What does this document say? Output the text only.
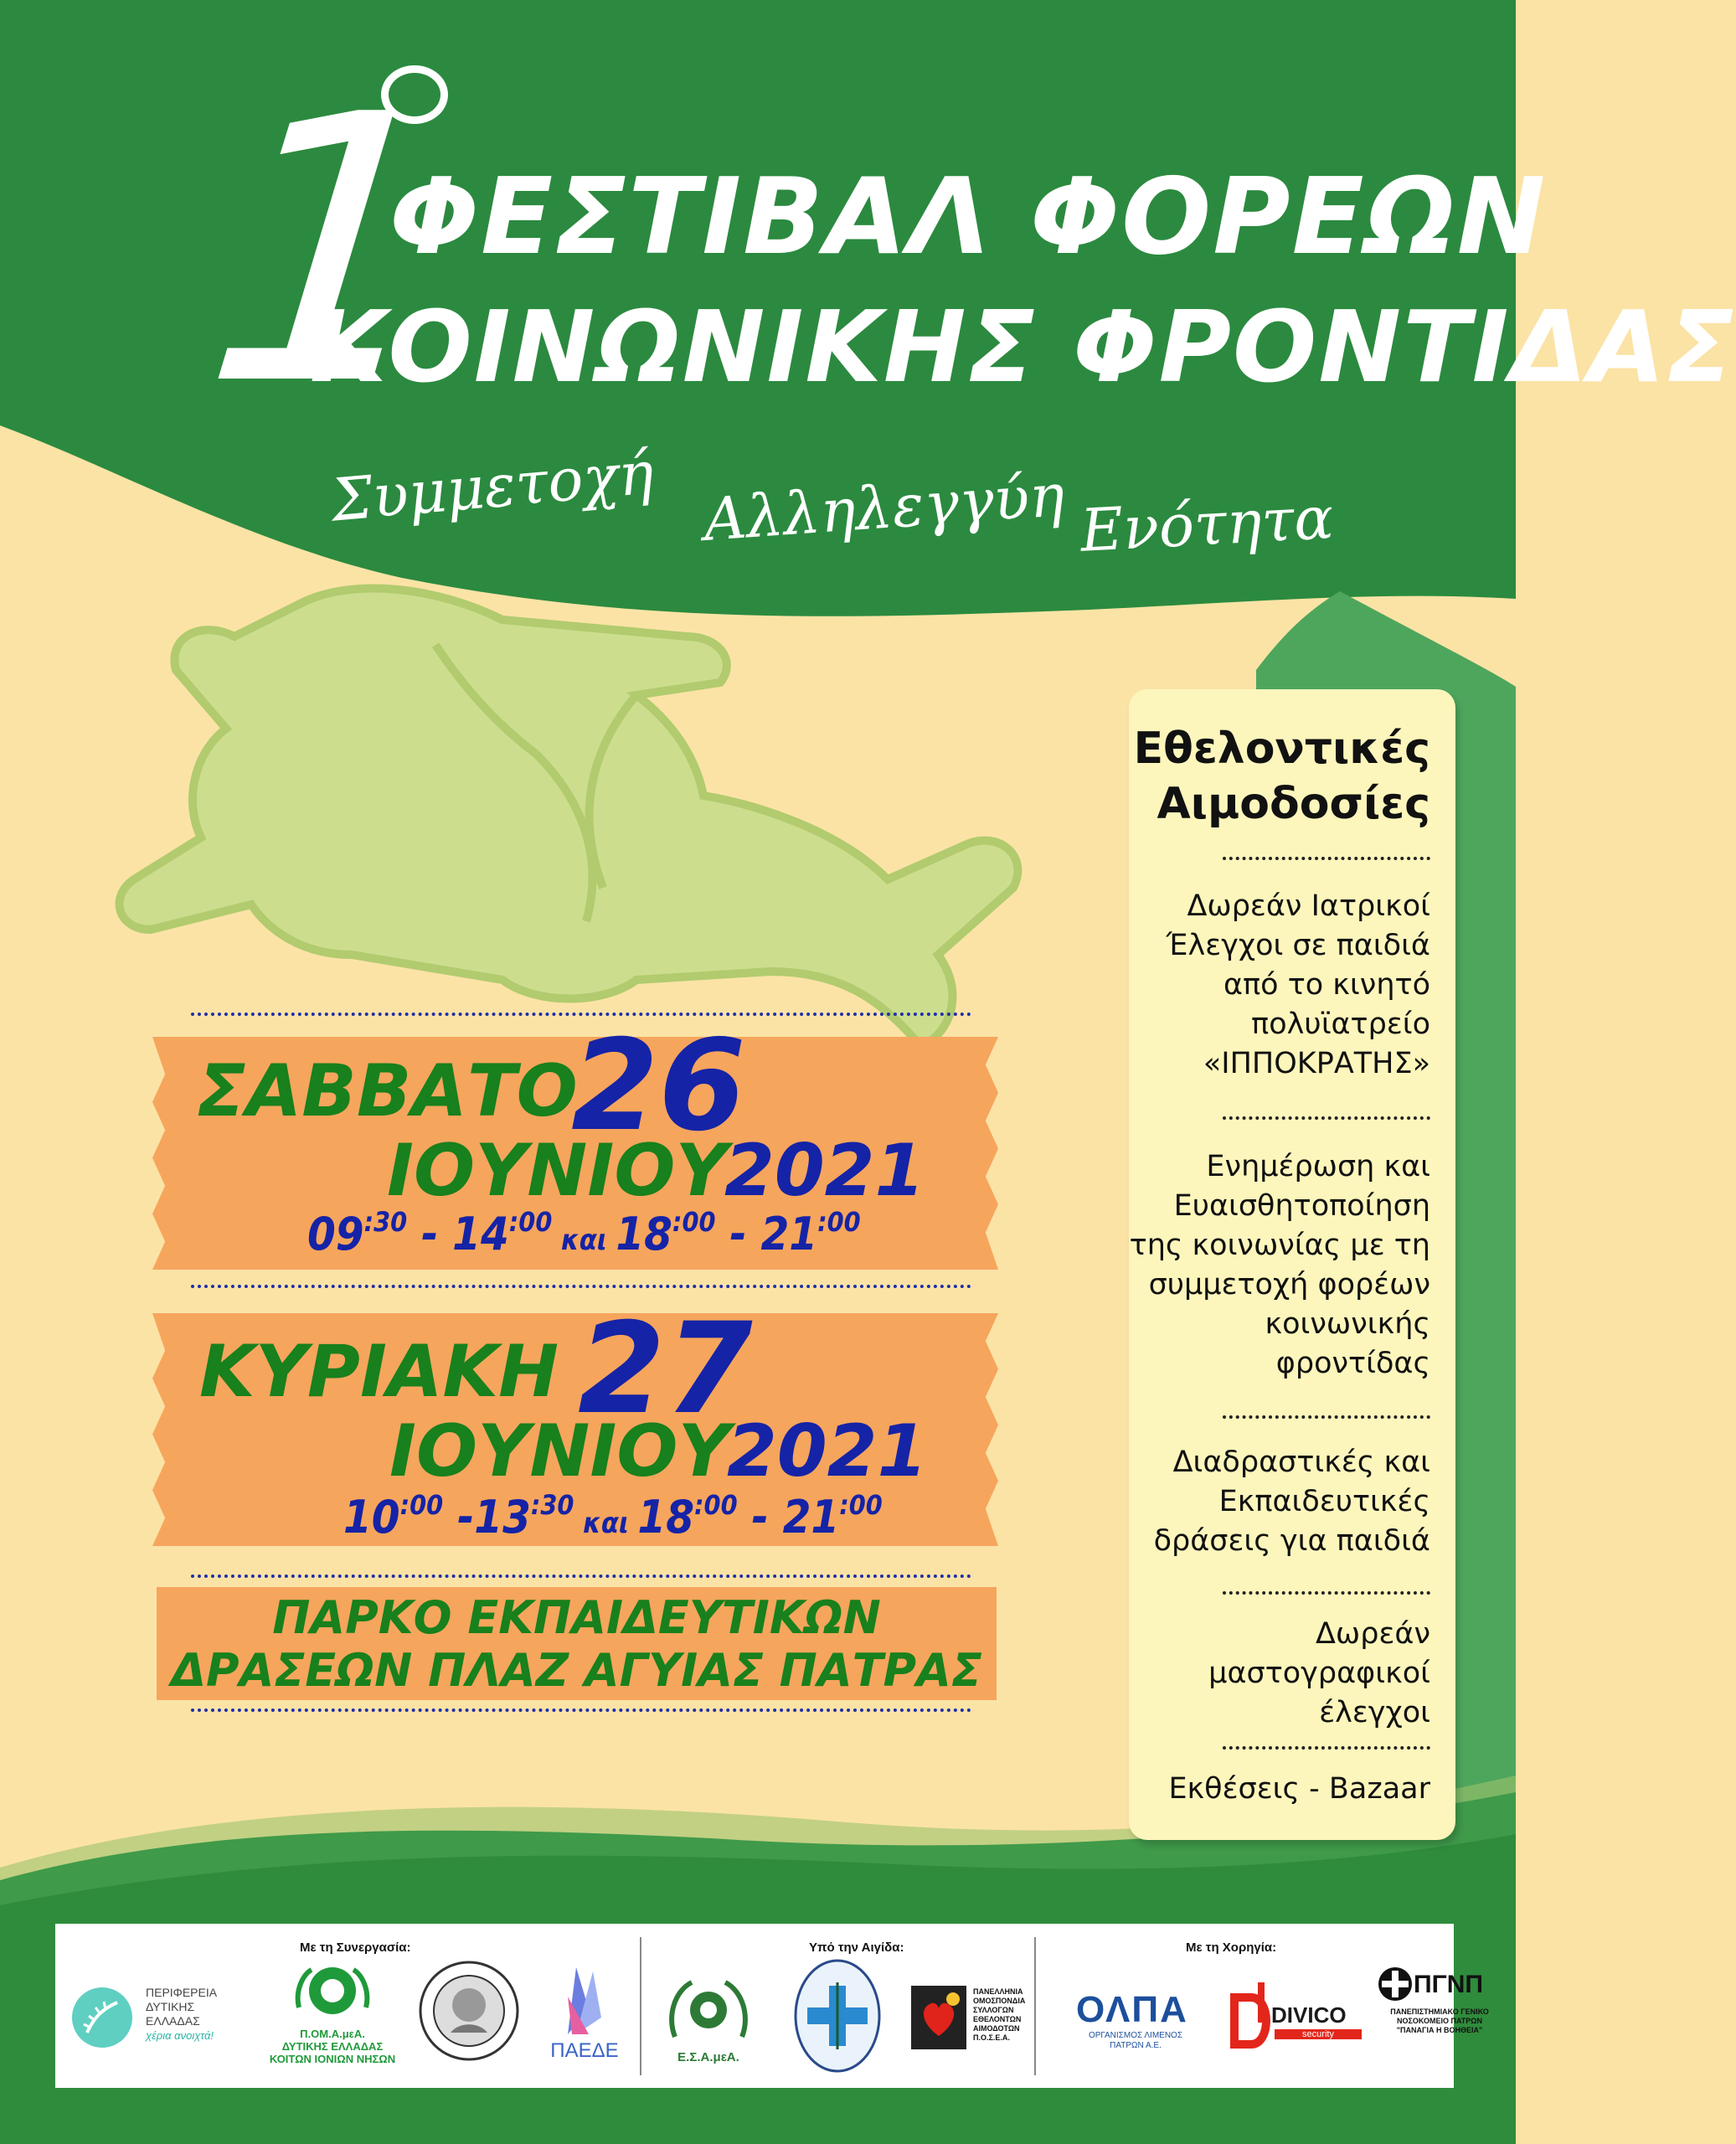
1
ΦΕΣΤΙΒΑΛ ΦΟΡΕΩΝ
ΚΟΙΝΩΝΙΚΗΣ ΦΡΟΝΤΙΔΑΣ
Συμμετοχή Αλληλεγγύη Ενότητα
ΣΑΒΒΑΤΟ
26
ΙΟΥΝΙΟΥ
2021
$09^{:30} - 14^{:00}$ και $18^{:00} - 21^{:00}$
ΚΥΡΙΑΚΗ 27
ΙΟΥΝΙΟΥ
2021
$10^{:00}$ $-13^{:30}$ και $18^{:00} - 21^{:00}$
ΠΑΡΚΟ ΕΚΠΑΙΔΕΥΤΙΚΩΝ
ΔΡΑΣΕΩΝ ΠΛΑΖ ΑΓΥΙΑΣ ΠΑΤΡΑΣ
Εθελοντικές
Αιμοδοσίες
Δωρεάν Ιατρικοί
Έλεγχοι σε παιδιά
από το κινητό
πολυϊατρείο
«ΙΠΠΟΚΡΑΤΗΣ»
Ενημέρωση και
Ευαισθητοποίηση
της κοινωνίας με τη
συμμετοχή φορέων
κοινωνικής
φροντίδας
Διαδραστικές και
Εκπαιδευτικές
δράσεις για παιδιά
Δωρεάν
μαστογραφικοί
έλεγχοι
Εκθέσεις - Bazaar
Με τη Συνεργασία:	Υπό την Αιγίδα:	Με τη Χορηγία:
ΠΕΡΙΦΕΡΕΙΑ
ΔΥΤΙΚΗΣ
ΕΛΛΑΔΑΣ
χέρια ανοιχτά!	Π.ΟΜ.Α.μεΑ.
ΔΥΤΙΚΗΣ ΕΛΛΑΔΑΣ
ΚΟΙΤΩΝ ΙΟΝΙΩΝ ΝΗΣΩΝ	ΠΑΕΔΕ	Ε.Σ.Α.μεΑ.
ΠΑΝΕΛΛΗΝΙΑ
ΟΜΟΣΠΟΝΔΙΑ
ΣΥΛΛΟΓΩΝ
ΕΘΕΛΟΝΤΩΝ
ΑΙΜΟΔΟΤΩΝ
Π.Ο.Σ.Ε.Α.
ΟΛΠΑ
ΟΡΓΑΝΙΣΜΟΣ ΛΙΜΕΝΟΣ
ΠΑΤΡΩΝ Α.Ε.
DIVICO
security
ΠΓΝΠ
ΠΑΝΕΠΙΣΤΗΜΙΑΚΟ ΓΕΝΙΚΟ
ΝΟΣΟΚΟΜΕΙΟ ΠΑΤΡΩΝ
"ΠΑΝΑΓΙΑ Η ΒΟΗΘΕΙΑ"
